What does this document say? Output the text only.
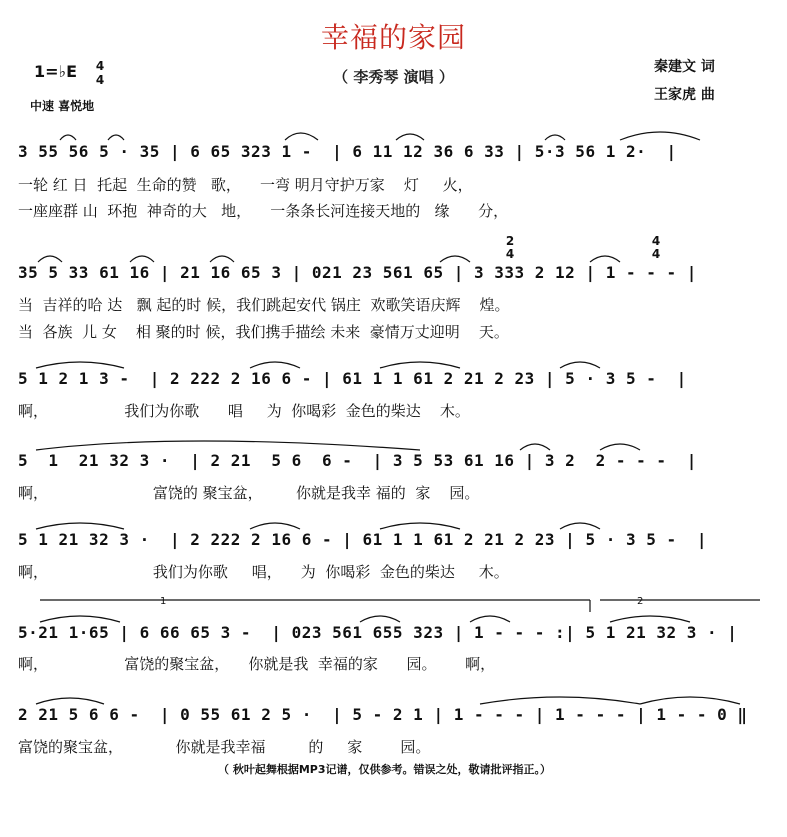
幸福的家园
（ 李秀琴 演唱 ）
1=♭E 4
4
中速 喜悦地
秦建文 词
王家虎 曲
3 55 56 5 · 35 | 6 65 323 1 -  | 6 11 12 36 6 33 | 5·3 56 1 2·  |
一轮 红 日  托起  生命的赞   歌，    一弯 明月守护万家    灯     火，
一座座群 山  环抱  神奇的大   地，    一条条长河连接天地的   缘      分，
35 5 33 61 16 | 21 16 65 3 | 021 23 561 65 | 3 333 2 12 | 1 - - - |
当  吉祥的哈 达   飘 起的时 候，我们跳起安代 锅庄  欢歌笑语庆辉    煌。
当  各族  儿 女    相 聚的时 候，我们携手描绘 未来  豪情万丈迎明    天。
2
4
4
4
5 1 2 1 3 -  | 2 222 2 16 6 - | 61 1 1 61 2 21 2 23 | 5 · 3 5 -  |
啊，                我们为你歌      唱     为  你喝彩  金色的柴达    木。
5  1  21 32 3 ·  | 2 21  5 6  6 -  | 3 5 53 61 16 | 3 2  2 - - -  |
啊，                      富饶的 聚宝盆，       你就是我幸 福的  家    园。
5 1 21 32 3 ·  | 2 222 2 16 6 - | 61 1 1 61 2 21 2 23 | 5 · 3 5 -  |
啊，                      我们为你歌     唱，    为  你喝彩  金色的柴达     木。
5·21 1·65 | 6 66 65 3 -  | 023 561 655 323 | 1 - - - :| 5 1 21 32 3 · |
啊，                富饶的聚宝盆，    你就是我  幸福的家      园。      啊，
1	2
2 21 5 6 6 -  | 0 55 61 2 5 ·  | 5 - 2 1 | 1 - - - | 1 - - - | 1 - - 0 ‖
富饶的聚宝盆，           你就是我幸福         的     家        园。
（ 秋叶起舞根据MP3记谱，仅供参考。错误之处，敬请批评指正。）
